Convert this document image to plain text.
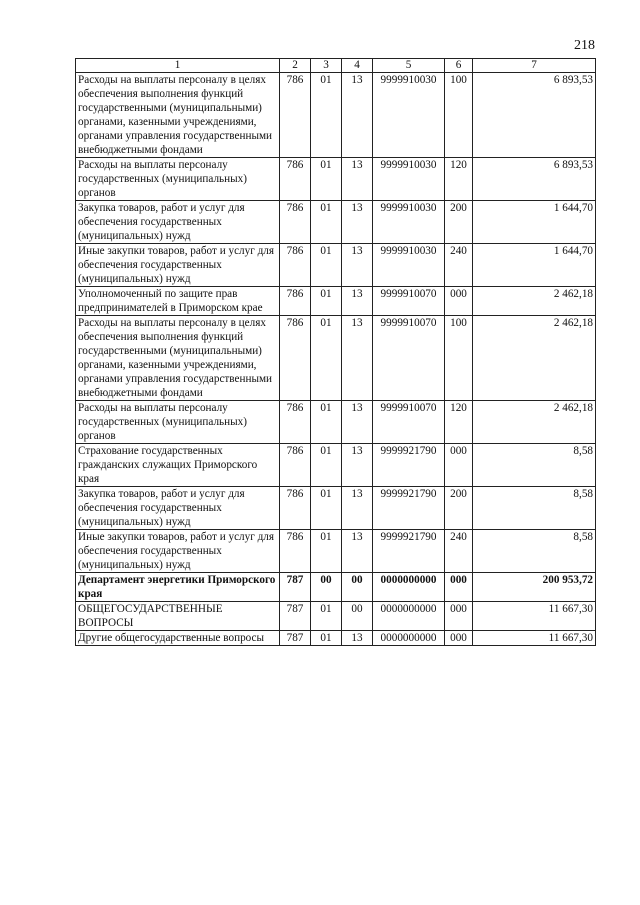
218
1	2	3	4	5	6	7
Расходы на выплаты персоналу в целях обеспечения выполнения функций государственными (муниципальными) органами, казенными учреждениями, органами управления государственными внебюджетными фондами	786	01	13	9999910030	100	6 893,53
Расходы на выплаты персоналу государственных (муниципальных) органов	786	01	13	9999910030	120	6 893,53
Закупка товаров, работ и услуг для обеспечения государственных (муниципальных) нужд	786	01	13	9999910030	200	1 644,70
Иные закупки товаров, работ и услуг для обеспечения государственных (муниципальных) нужд	786	01	13	9999910030	240	1 644,70
Уполномоченный по защите прав предпринимателей в Приморском крае	786	01	13	9999910070	000	2 462,18
Расходы на выплаты персоналу в целях обеспечения выполнения функций государственными (муниципальными) органами, казенными учреждениями, органами управления государственными внебюджетными фондами	786	01	13	9999910070	100	2 462,18
Расходы на выплаты персоналу государственных (муниципальных) органов	786	01	13	9999910070	120	2 462,18
Страхование государственных гражданских служащих Приморского края	786	01	13	9999921790	000	8,58
Закупка товаров, работ и услуг для обеспечения государственных (муниципальных) нужд	786	01	13	9999921790	200	8,58
Иные закупки товаров, работ и услуг для обеспечения государственных (муниципальных) нужд	786	01	13	9999921790	240	8,58
Департамент энергетики Приморского края	787	00	00	0000000000	000	200 953,72
ОБЩЕГОСУДАРСТВЕННЫЕ ВОПРОСЫ	787	01	00	0000000000	000	11 667,30
Другие общегосударственные вопросы	787	01	13	0000000000	000	11 667,30
